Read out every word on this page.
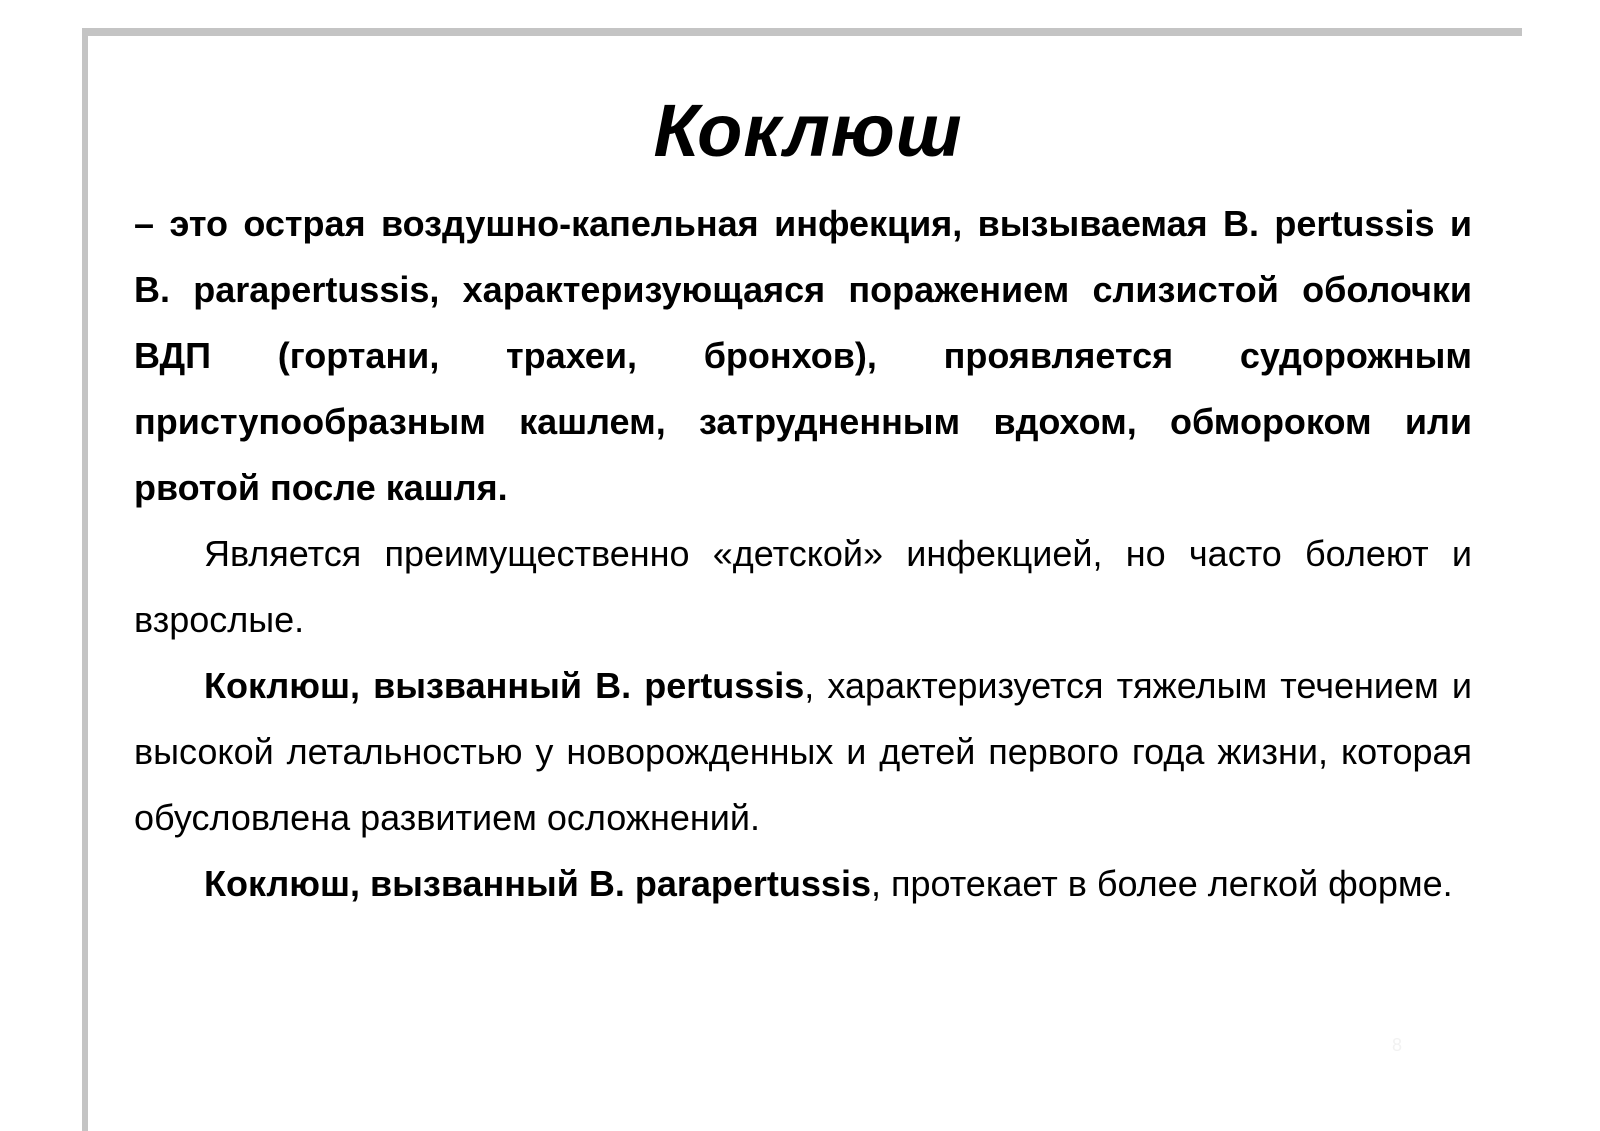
Коклюш

– это острая воздушно-капельная инфекция, вызываемая B. pertussis и B. parapertussis, характеризующаяся поражением слизистой оболочки ВДП (гортани, трахеи, бронхов), проявляется судорожным приступообразным кашлем, затрудненным вдохом, обмороком или рвотой после кашля.

Является преимущественно «детской» инфекцией, но часто болеют и взрослые.

Коклюш, вызванный B. pertussis, характеризуется тяжелым течением и высокой летальностью у новорожденных и детей первого года жизни, которая обусловлена развитием осложнений.

Коклюш, вызванный B. parapertussis, протекает в более легкой форме.

8
